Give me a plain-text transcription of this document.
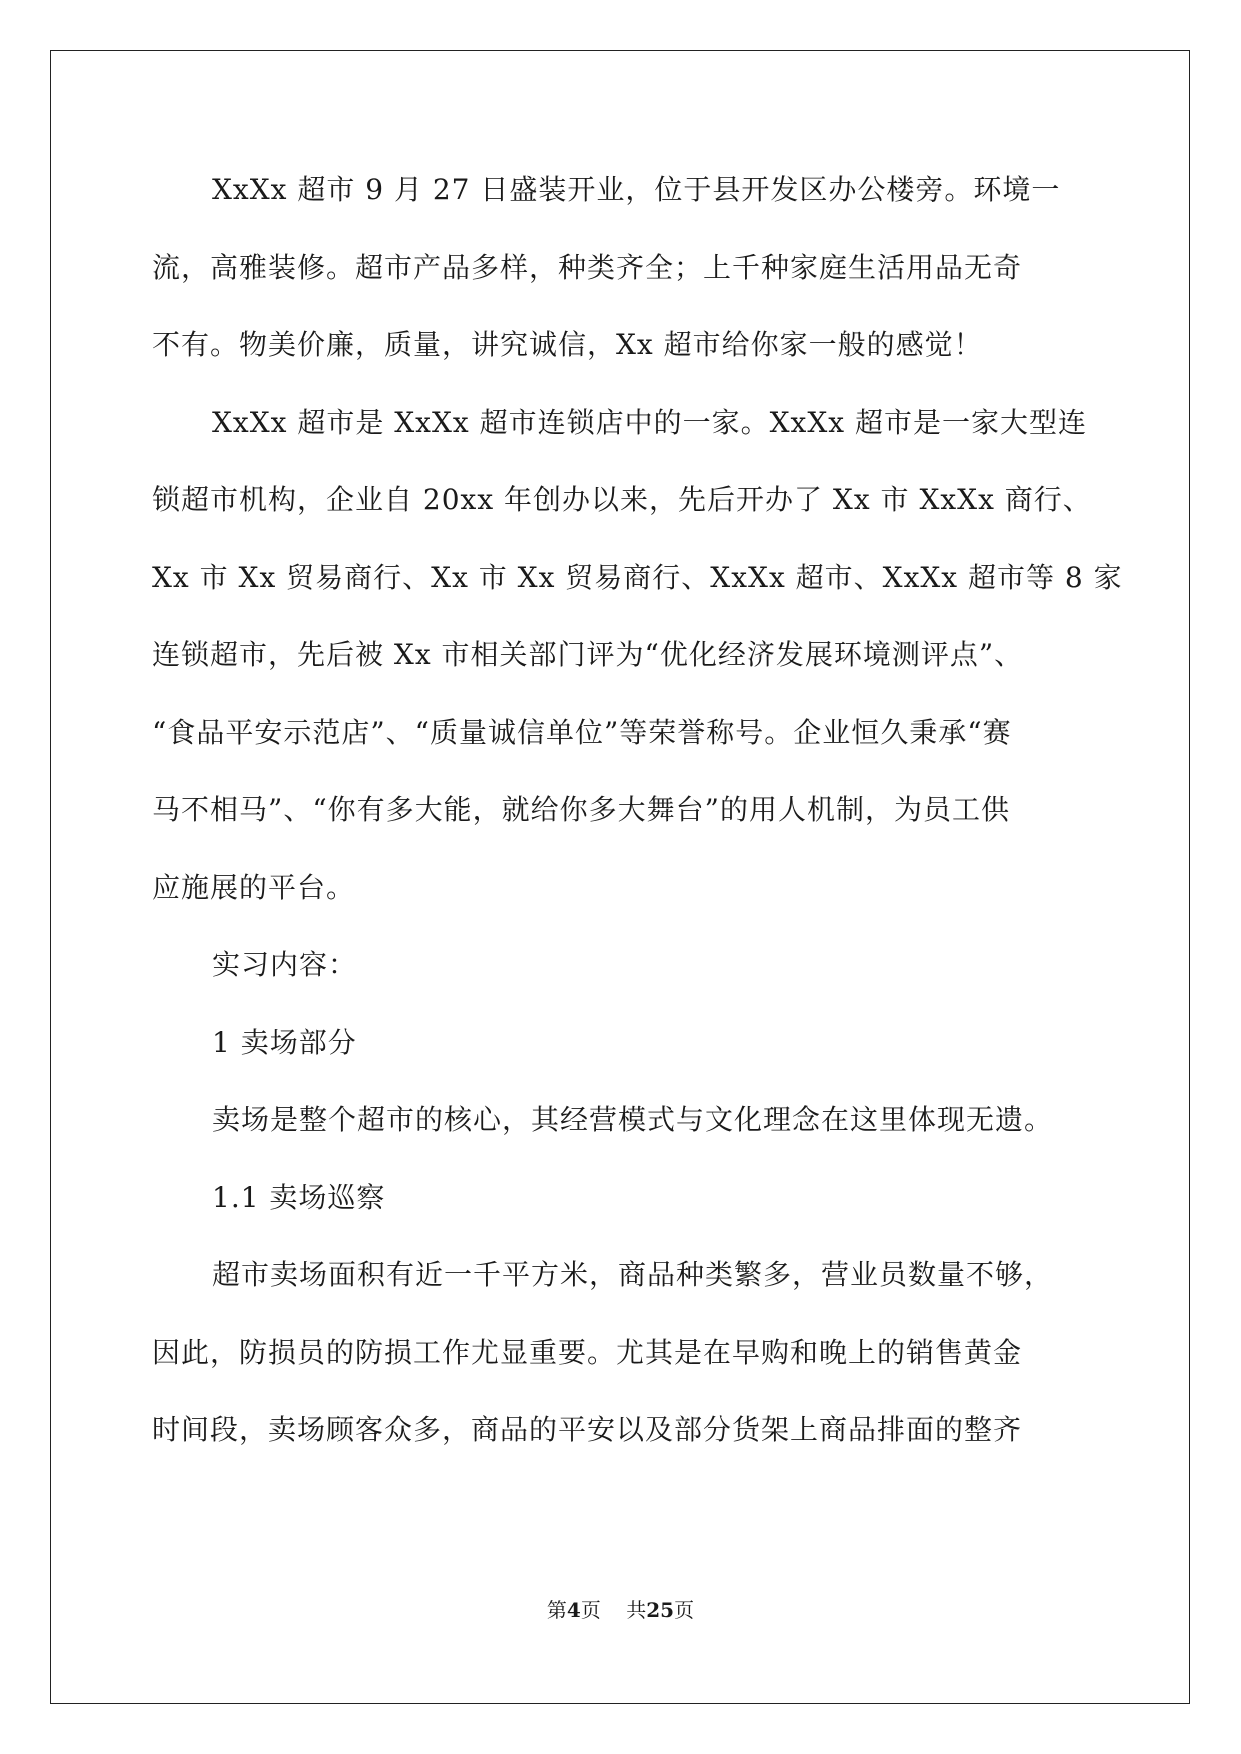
XxXx 超市 9 月 27 日盛装开业，位于县开发区办公楼旁。环境一
流，高雅装修。超市产品多样，种类齐全；上千种家庭生活用品无奇
不有。物美价廉，质量，讲究诚信，Xx 超市给你家一般的感觉！
XxXx 超市是 XxXx 超市连锁店中的一家。XxXx 超市是一家大型连
锁超市机构，企业自 20xx 年创办以来，先后开办了 Xx 市 XxXx 商行、
Xx 市 Xx 贸易商行、Xx 市 Xx 贸易商行、XxXx 超市、XxXx 超市等 8 家
连锁超市，先后被 Xx 市相关部门评为“优化经济发展环境测评点”、
“食品平安示范店”、“质量诚信单位”等荣誉称号。企业恒久秉承“赛
马不相马”、“你有多大能，就给你多大舞台”的用人机制，为员工供
应施展的平台。
实习内容：
1 卖场部分
卖场是整个超市的核心，其经营模式与文化理念在这里体现无遗。
1.1 卖场巡察
超市卖场面积有近一千平方米，商品种类繁多，营业员数量不够，
因此，防损员的防损工作尤显重要。尤其是在早购和晚上的销售黄金
时间段，卖场顾客众多，商品的平安以及部分货架上商品排面的整齐
第4页    共25页
